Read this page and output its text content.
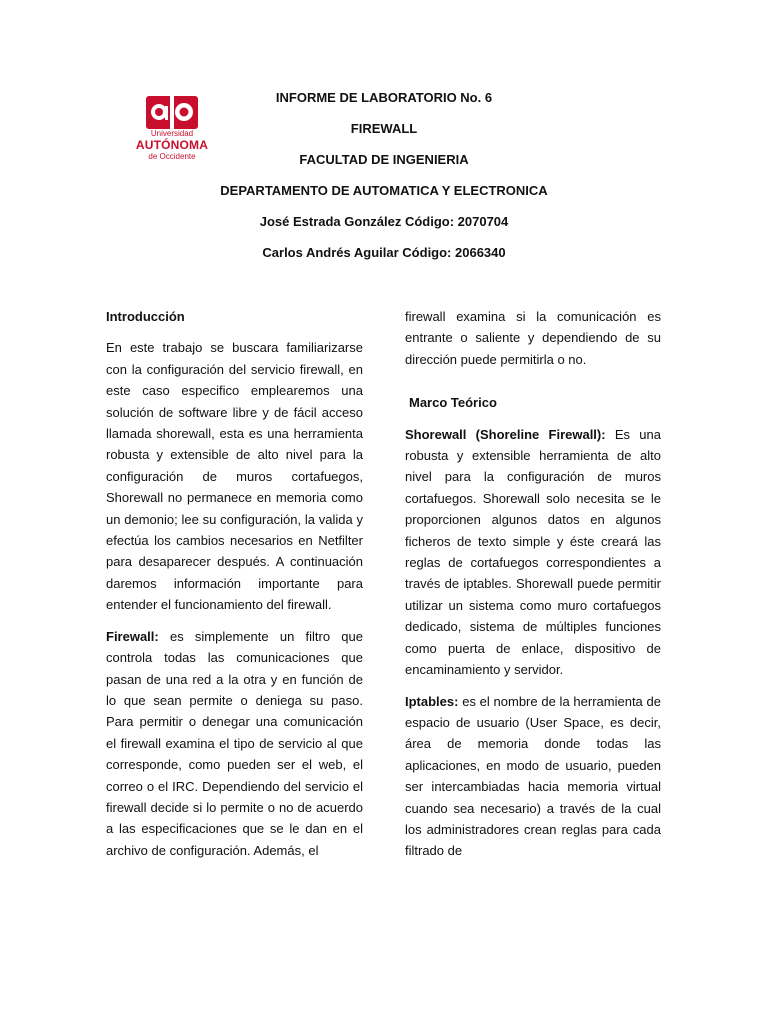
Universidad
AUTÓNOMA
de Occidente
INFORME DE LABORATORIO No. 6
FIREWALL
FACULTAD DE INGENIERIA
DEPARTAMENTO DE AUTOMATICA Y ELECTRONICA
José Estrada González Código: 2070704
Carlos Andrés Aguilar Código: 2066340
Introducción

En este trabajo se buscara familiarizarse con la configuración del servicio firewall, en este caso especifico emplearemos una solución de software libre y de fácil acceso llamada shorewall, esta es una herramienta robusta y extensible de alto nivel para la configuración de muros cortafuegos, Shorewall no permanece en memoria como un demonio; lee su configuración, la valida y efectúa los cambios necesarios en Netfilter para desaparecer después. A continuación daremos información importante para entender el funcionamiento del firewall.

Firewall: es simplemente un filtro que controla todas las comunicaciones que pasan de una red a la otra y en función de lo que sean permite o deniega su paso. Para permitir o denegar una comunicación el firewall examina el tipo de servicio al que corresponde, como pueden ser el web, el correo o el IRC. Dependiendo del servicio el firewall decide si lo permite o no de acuerdo a las especificaciones que se le dan en el archivo de configuración. Además, el

firewall examina si la comunicación es entrante o saliente y dependiendo de su dirección puede permitirla o no.

Marco Teórico

Shorewall (Shoreline Firewall): Es una robusta y extensible herramienta de alto nivel para la configuración de muros cortafuegos. Shorewall solo necesita se le proporcionen algunos datos en algunos ficheros de texto simple y éste creará las reglas de cortafuegos correspondientes a través de iptables. Shorewall puede permitir utilizar un sistema como muro cortafuegos dedicado, sistema de múltiples funciones como puerta de enlace, dispositivo de encaminamiento y servidor.

Iptables: es el nombre de la herramienta de espacio de usuario (User Space, es decir, área de memoria donde todas las aplicaciones, en modo de usuario, pueden ser intercambiadas hacia memoria virtual cuando sea necesario) a través de la cual los administradores crean reglas para cada filtrado de
